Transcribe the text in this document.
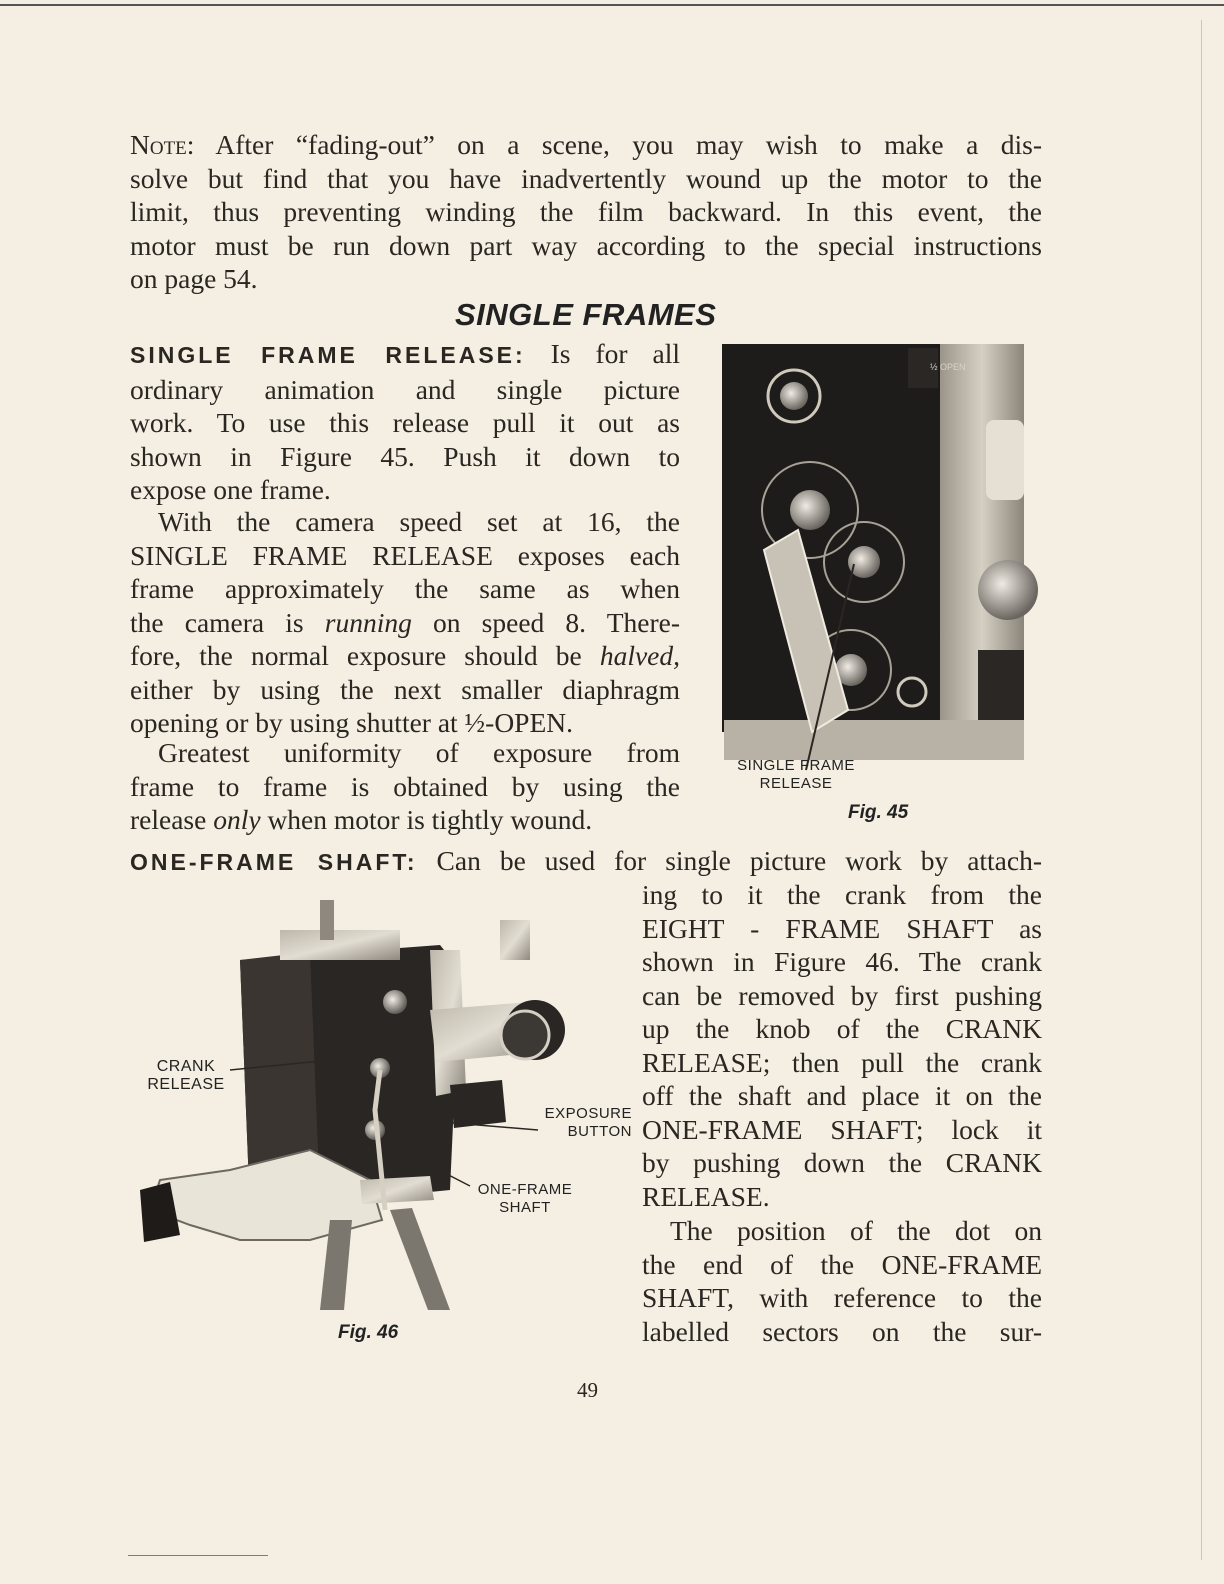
Note: After “fading-out” on a scene, you may wish to make a dis-
solve but find that you have inadvertently wound up the motor to the
limit, thus preventing winding the film backward. In this event, the
motor must be run down part way according to the special instructions
on page 54.

SINGLE FRAMES

SINGLE FRAME RELEASE: Is for all
ordinary animation and single picture
work. To use this release pull it out as
shown in Figure 45. Push it down to
expose one frame.

With the camera speed set at 16, the
SINGLE FRAME RELEASE exposes each
frame approximately the same as when
the camera is running on speed 8. There-
fore, the normal exposure should be halved,
either by using the next smaller diaphragm
opening or by using shutter at ½-OPEN.

Greatest uniformity of exposure from
frame to frame is obtained by using the
release only when motor is tightly wound.

½ OPEN
SINGLE FRAME
RELEASE
Fig. 45

ONE-FRAME SHAFT: Can be used for single picture work by attach-

ing to it the crank from the
EIGHT - FRAME SHAFT as
shown in Figure 46. The crank
can be removed by first pushing
up the knob of the CRANK
RELEASE; then pull the crank
off the shaft and place it on the
ONE-FRAME SHAFT; lock it
by pushing down the CRANK
RELEASE.

The position of the dot on
the end of the ONE-FRAME
SHAFT, with reference to the
labelled sectors on the sur-

CRANK
RELEASE
EXPOSURE
BUTTON
ONE-FRAME
SHAFT
Fig. 46
49
